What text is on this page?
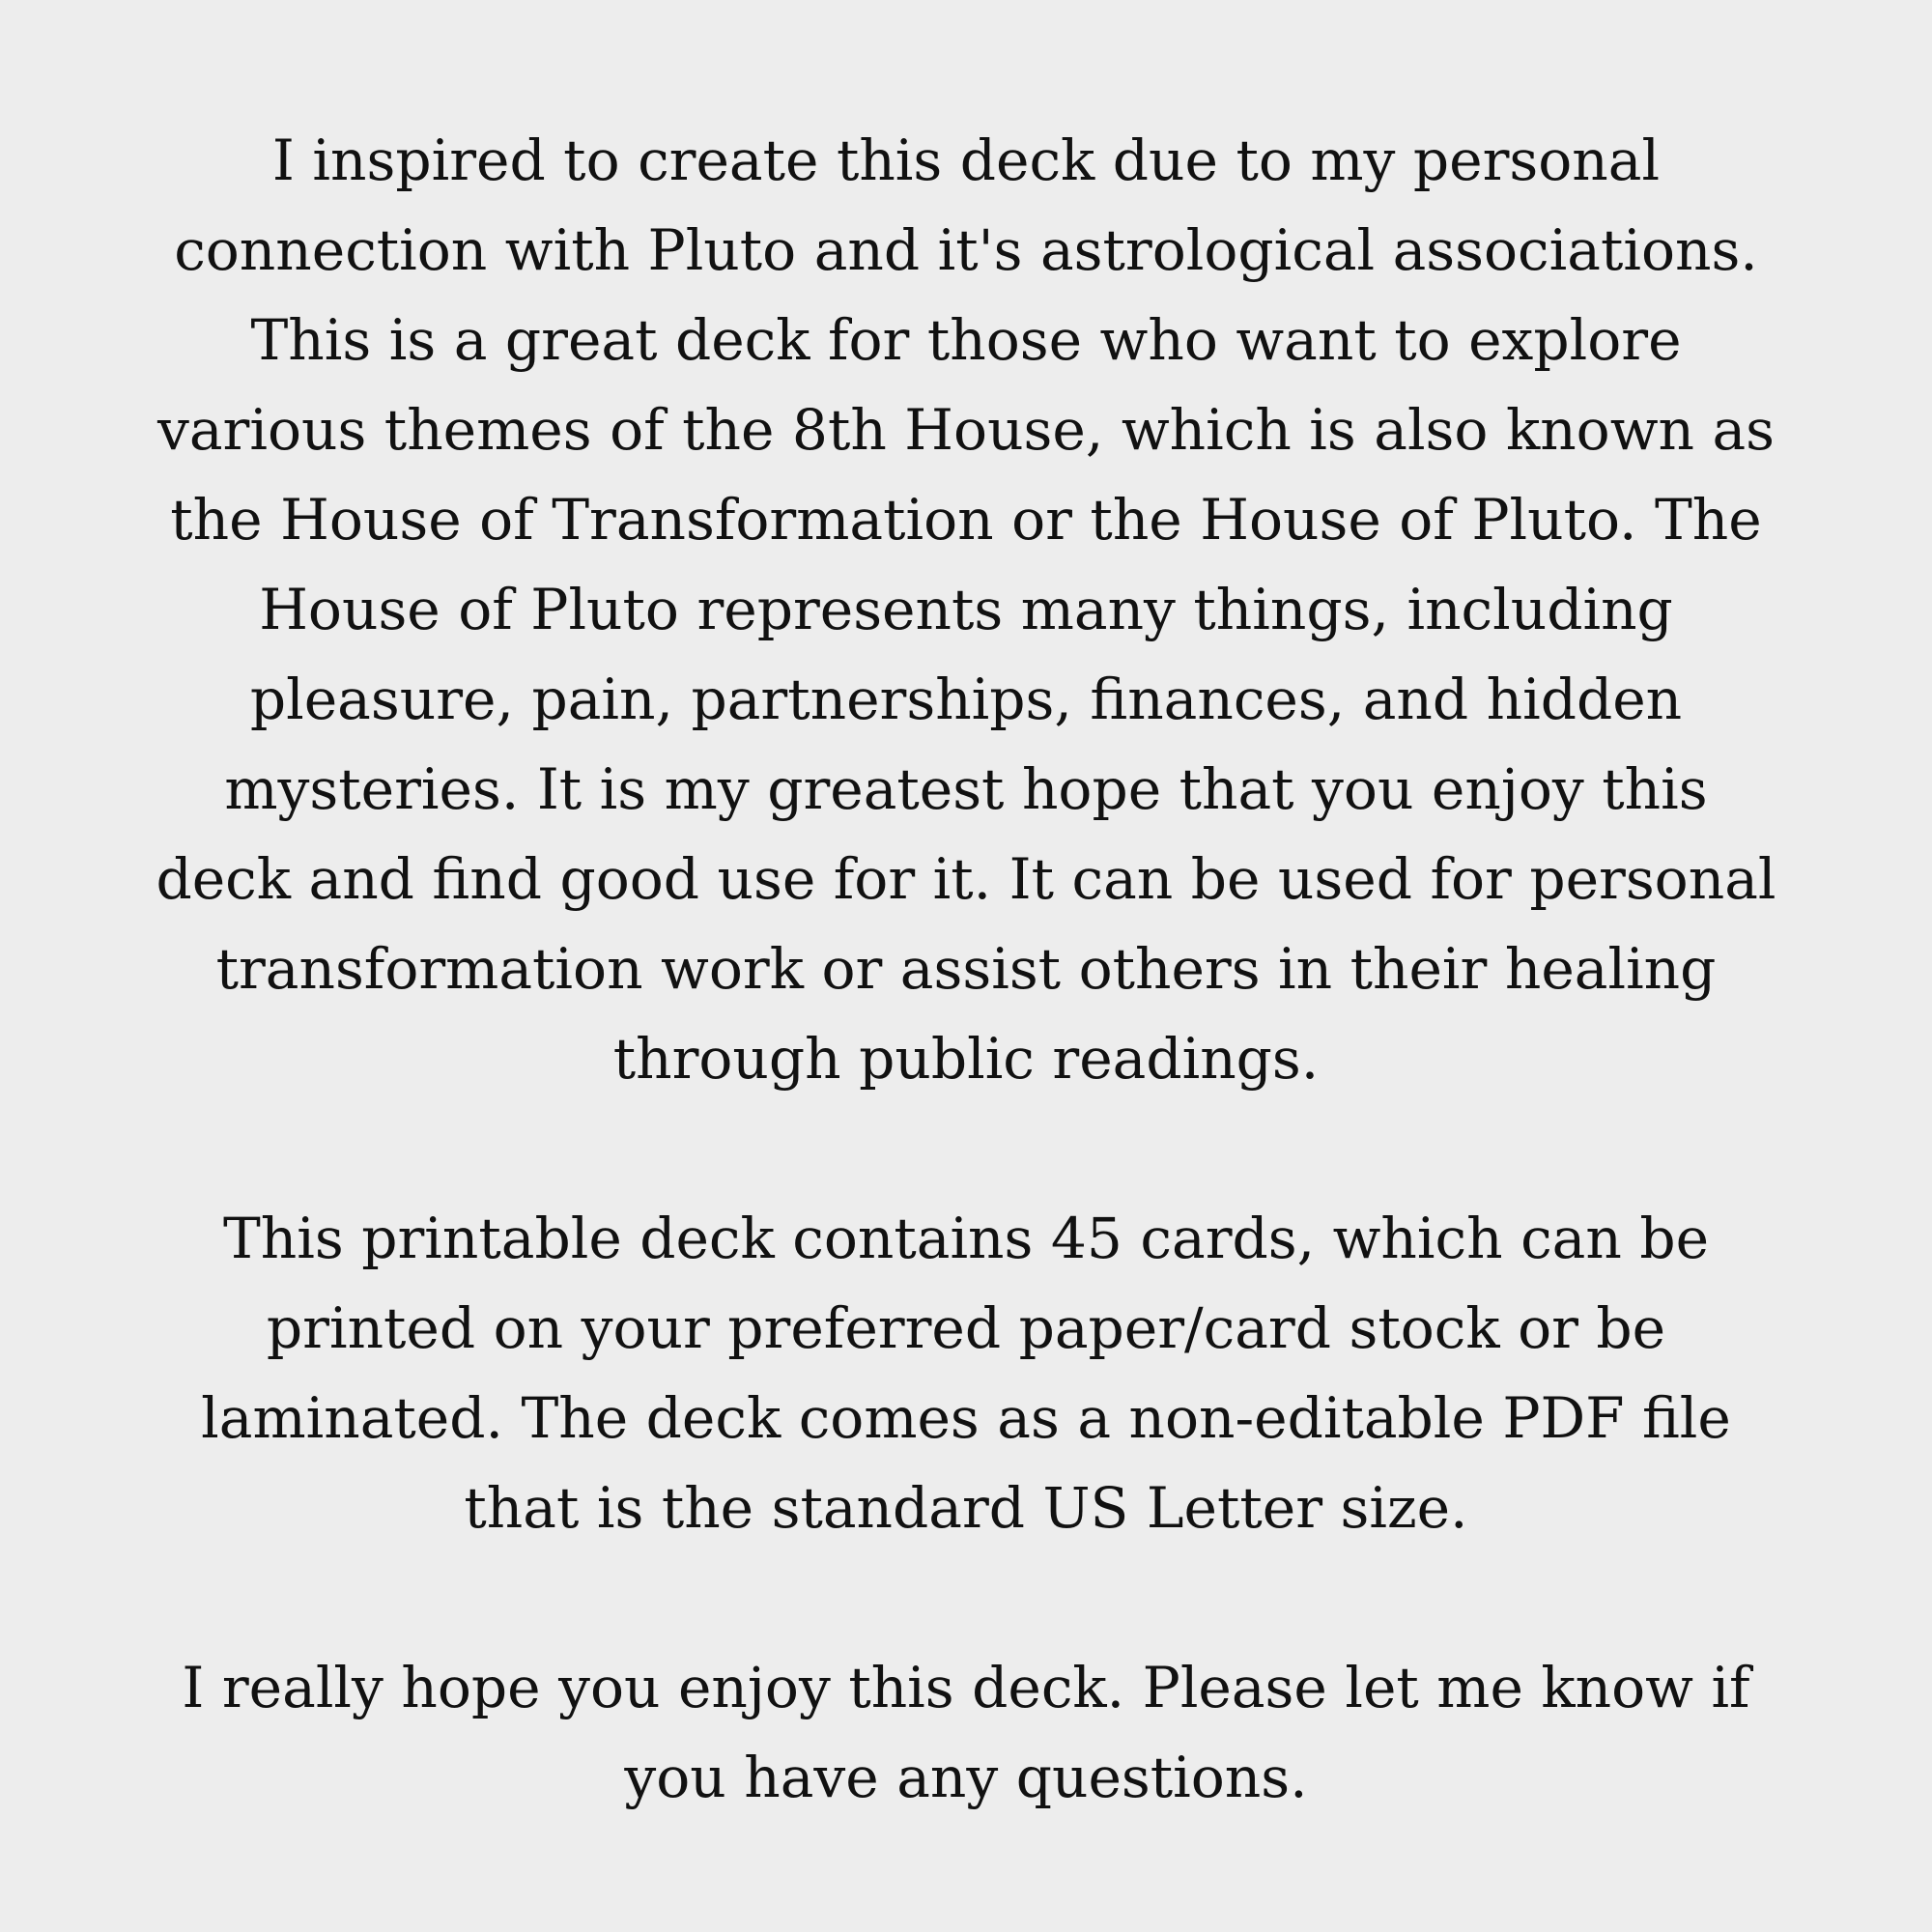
I inspired to create this deck due to my personal
connection with Pluto and it's astrological associations.
This is a great deck for those who want to explore
various themes of the 8th House, which is also known as
the House of Transformation or the House of Pluto. The
House of Pluto represents many things, including
pleasure, pain, partnerships, finances, and hidden
mysteries. It is my greatest hope that you enjoy this
deck and find good use for it. It can be used for personal
transformation work or assist others in their healing
through public readings.

This printable deck contains 45 cards, which can be
printed on your preferred paper/card stock or be
laminated. The deck comes as a non-editable PDF file
that is the standard US Letter size.

I really hope you enjoy this deck. Please let me know if
you have any questions.
